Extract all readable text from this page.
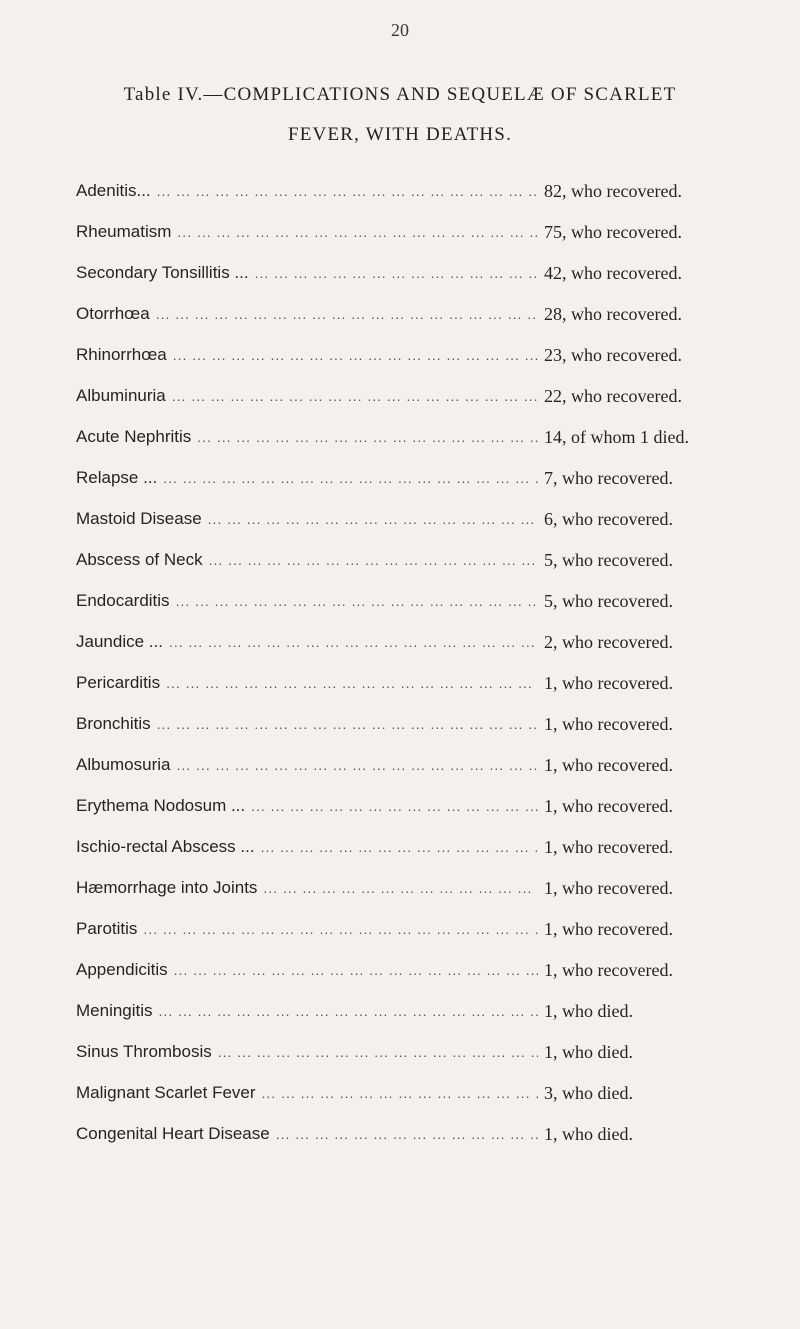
20
Table IV.—COMPLICATIONS AND SEQUELÆ OF SCARLET
FEVER, WITH DEATHS.
Adenitis... ... .	82, who recovered.
Rheumatism ... .	75, who recovered.
Secondary Tonsillitis ... ... .	42, who recovered.
Otorrhœa ... .	28, who recovered.
Rhinorrhœa ... .	23, who recovered.
Albuminuria ... .	22, who recovered.
Acute Nephritis ... .	14, of whom 1 died.
Relapse ... ... .	7, who recovered.
Mastoid Disease ... .	6, who recovered.
Abscess of Neck ... .	5, who recovered.
Endocarditis ... .	5, who recovered.
Jaundice ... ... .	2, who recovered.
Pericarditis ... .	1, who recovered.
Bronchitis ... .	1, who recovered.
Albumosuria ... .	1, who recovered.
Erythema Nodosum ... ... .	1, who recovered.
Ischio-rectal Abscess ... ... .	1, who recovered.
Hæmorrhage into Joints ... .	1, who recovered.
Parotitis ... .	1, who recovered.
Appendicitis ... .	1, who recovered.
Meningitis ... .	1, who died.
Sinus Thrombosis ... .	1, who died.
Malignant Scarlet Fever ... .	3, who died.
Congenital Heart Disease ... .	1, who died.
